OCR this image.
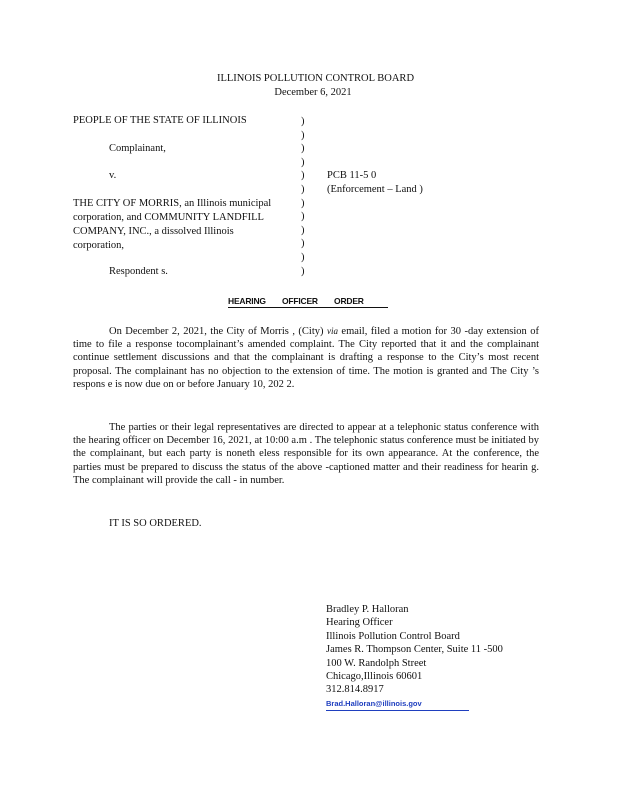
ILLINOIS POLLUTION CONTROL BOARD
December 6, 2021
PEOPLE OF THE STATE OF ILLINOIS
Complainant,
v.
THE CITY OF MORRIS, an Illinois municipal
corporation, and COMMUNITY LANDFILL
COMPANY, INC., a dissolved Illinois
corporation,
Respondent s.
)
)
)
)
)
)
)
)
)
)
)
)
PCB 11-5 0
(Enforcement – Land )
HEARING OFFICER ORDER
On December 2, 2021, the City of Morris , (City) via email, filed a motion for 30 -day extension of time to file a response tocomplainant’s amended complaint. The City reported that it and the complainant continue settlement discussions and that the complainant is drafting a response to the City’s most recent proposal. The complainant has no objection to the extension of time. The motion is granted and The City ’s respons e is now due on or before January 10, 202 2.
The parties or their legal representatives are directed to appear at a telephonic status conference with the hearing officer on December 16, 2021, at 10:00 a.m . The telephonic status conference must be initiated by the complainant, but each party is noneth eless responsible for its own appearance. At the conference, the parties must be prepared to discuss the status of the above -captioned matter and their readiness for hearin g. The complainant will provide the call - in number.
IT IS SO ORDERED.
Bradley P. Halloran
Hearing Officer
Illinois Pollution Control Board
James R. Thompson Center, Suite 11 -500
100 W. Randolph Street
Chicago,Illinois 60601
312.814.8917
Brad.Halloran@illinois.gov
